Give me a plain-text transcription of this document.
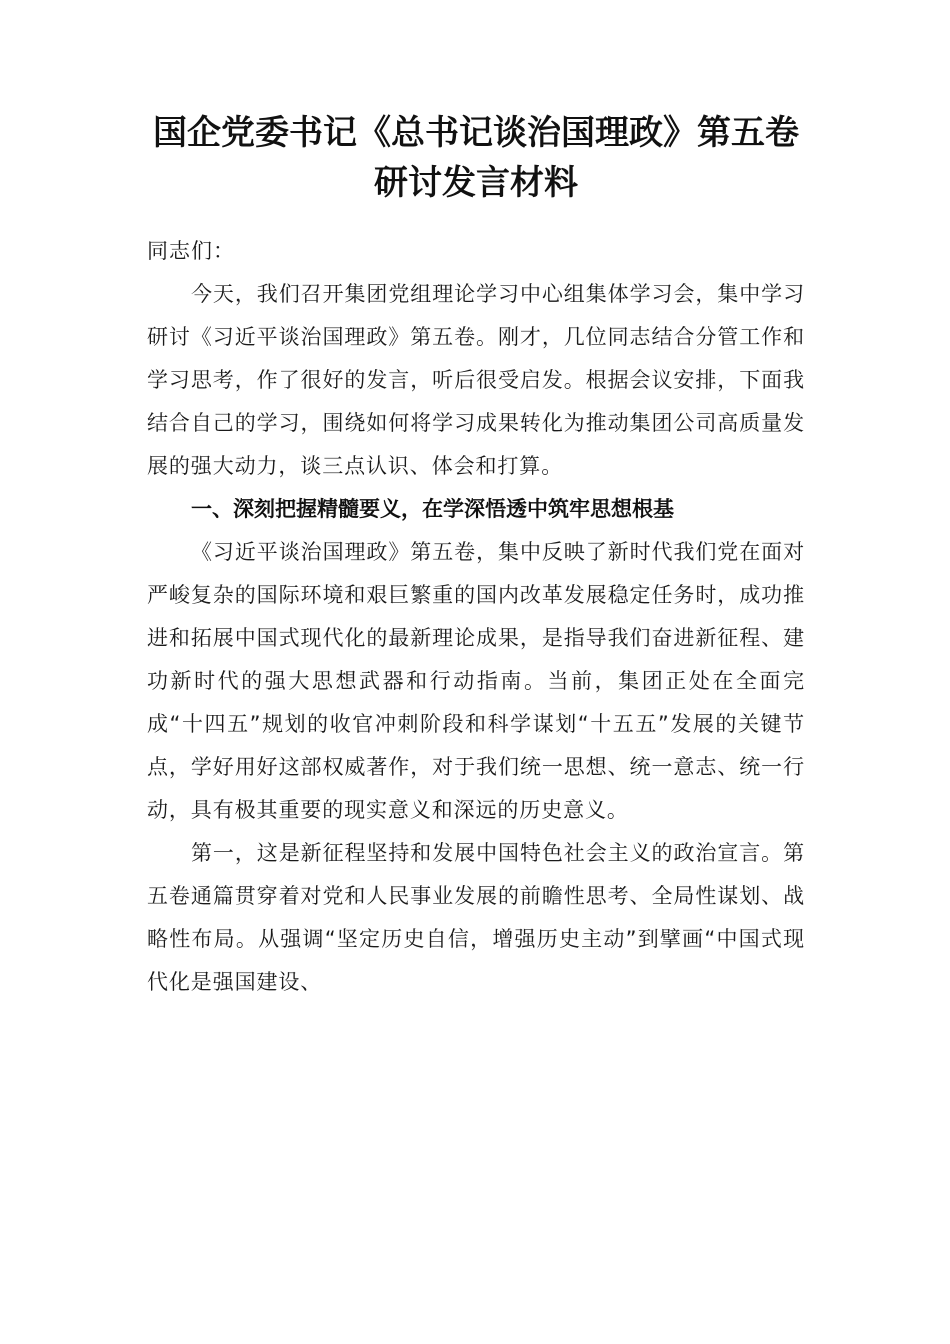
国企党委书记《总书记谈治国理政》第五卷研讨发言材料

同志们：

今天，我们召开集团党组理论学习中心组集体学习会，集中学习研讨《习近平谈治国理政》第五卷。刚才，几位同志结合分管工作和学习思考，作了很好的发言，听后很受启发。根据会议安排，下面我结合自己的学习，围绕如何将学习成果转化为推动集团公司高质量发展的强大动力，谈三点认识、体会和打算。

一、深刻把握精髓要义，在学深悟透中筑牢思想根基

《习近平谈治国理政》第五卷，集中反映了新时代我们党在面对严峻复杂的国际环境和艰巨繁重的国内改革发展稳定任务时，成功推进和拓展中国式现代化的最新理论成果，是指导我们奋进新征程、建功新时代的强大思想武器和行动指南。当前，集团正处在全面完成“十四五”规划的收官冲刺阶段和科学谋划“十五五”发展的关键节点，学好用好这部权威著作，对于我们统一思想、统一意志、统一行动，具有极其重要的现实意义和深远的历史意义。

第一，这是新征程坚持和发展中国特色社会主义的政治宣言。第五卷通篇贯穿着对党和人民事业发展的前瞻性思考、全局性谋划、战略性布局。从强调“坚定历史自信，增强历史主动”到擘画“中国式现代化是强国建设、
